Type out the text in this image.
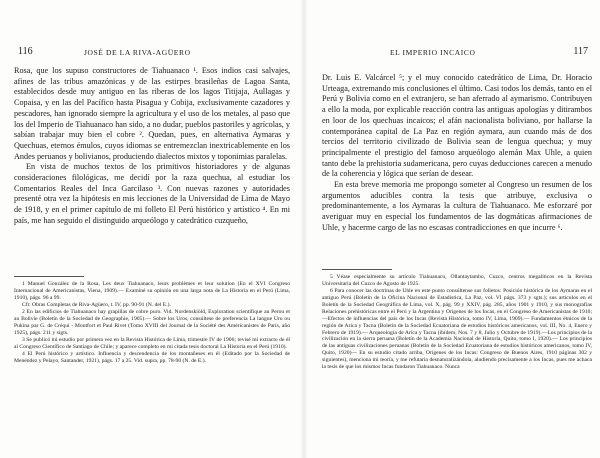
116	JOSÉ DE LA RIVA-AGÜERO

Rosa, que los supuso constructores de Tiahuanaco ¹. Esos indios casi salvajes, afines de las tribus amazónicas y de las estirpes brasileñas de Lagoa Santa, establecidos desde muy antiguo en las riberas de los lagos Titijaja, Aullagas y Copaisa, y en las del Pacífico hasta Pisagua y Cobija, exclusivamente cazadores y pescadores, han ignorado siempre la agricultura y el uso de los metales, al paso que los del Imperio de Tiahuanaco han sido, a no dudar, pueblos pastoriles y agrícolas, y sabían trabajar muy bien el cobre ². Quedan, pues, en alternativa Aymaras y Quechuas, eternos émulos, cuyos idiomas se entremezclan inextricablemente en los Andes peruanos y bolivianos, produciendo dialectos mixtos y toponimias paralelas.

En vista de muchos textos de los primitivos historiadores y de algunas consideraciones filológicas, me decidí por la raza quechua, al estudiar los Comentarios Reales del Inca Garcilaso ³. Con nuevas razones y autoridades presenté otra vez la hipótesis en mis lecciones de la Universidad de Lima de Mayo de 1918, y en el primer capítulo de mi folleto El Perú histórico y artístico ⁴. En mi país, me han seguido el distinguido arqueólogo y catedrático cuzqueño,

1 Manuel González de la Rosa, Les deux Tiahuanaco, leurs problèmes et leur solution (En el XVI Congreso Internacional de Americanistas, Viena, 1909).— Examiné su opinión en una larga nota de La Historia en el Perú (Lima, 1910), págs. 96 a 99.

Cfr. Obras Completas de Riva-Agüero, t. IV, pp. 90-91 (N. del E.).

2 En las edificios de Tiahuanaco hay grapillas de cobre puro. Vid. Nordenskiöld, Exploration scientifique au Perou et au Bolivie (Boletín de la Sociedad de Geographie, 1905).— Sobre los Uros, consúltese de preferencia La langue Uru ou Pukina par G. de Créqui - Montfort et Paul Rivet (Tomo XVIII del Journal de la Société des Américanistes de Paris, año 1925), págs. 211 y sigts.

3 Se publicó mi estudio por primera vez en la Revista Histórica de Lima, trimestre IV de 1906; revisé mi extracto de él al Congreso Científico de Santiago de Chile; y aparece completo en mi citada tesis doctoral La Historia en el Perú (1910).

4 El Perú histórico y artístico. Influencia y descendencia de los montañeses en él (Editado por la Sociedad de Menéndez y Pelayo, Santander, 1921), págs. 17 a 25. Vid. supra, pp. 78-90 (N. de E.).

EL IMPERIO INCAICO	117

Dr. Luis E. Valcárcel ⁵; y el muy conocido catedrático de Lima, Dr. Horacio Urteaga, extremando mis conclusiones el último. Casi todos los demás, tanto en el Perú y Bolivia como en el extranjero, se han aferrado al aymarismo. Contribuyen a ello la moda, por explicable reacción contra las antiguas apologías y ditirambos en loor de los quechuas incaicos; el afán nacionalista boliviano, por hallarse la contemporánea capital de La Paz en región aymara, aun cuando más de dos tercios del territorio civilizado de Bolivia sean de lengua quechua; y muy principalmente el prestigio del famoso arqueólogo alemán Max Uhle, a quien tanto debe la prehistoria sudamericana, pero cuyas deducciones carecen a menudo de la coherencia y lógica que serían de desear.

En esta breve memoria me propongo someter al Congreso un resumen de los argumentos aducibles contra la tesis que atribuye, exclusiva o predominantemente, a los Aymaras la cultura de Tiahuanaco. Me esforzaré por averiguar muy en especial los fundamentos de las dogmáticas afirmaciones de Uhle, y hacerme cargo de las no escasas contradicciones en que incurre ⁶.

5 Véase especialmente su artículo Tiahuanacu, Ollantaytambo, Cuzco, centros megalíticos en la Revista Universitaria del Cuzco de Agosto de 1925.

6 Para conocer las doctrinas de Uhle en este punto consúltense sus folletos: Posición histórica de los Aymaras en el antiguo Perú (Boletín de la Oficina Nacional de Estadística, La Paz, vol. VI págs. 373 y sgts.); sus artículos en el Boletín de la Sociedad Geográfica de Lima, vol. X, pág. 99 y XXIV, pág. 285, años 1901 y 1910, y sus monografías Relaciones prehistóricas entre el Perú y la Argentina y Orígenes de los Incas, en el Congreso de Americanistas de 1910; —Efectos de influencias del país de los Incas (Revista Histórica, tomo IV, Lima, 1909).— Fundamentos étnicos de la región de Arica y Tacna (Boletín de la Sociedad Ecuatoriana de estudios históricos americanos, vol. III, No. 4, Enero y Febrero de 1919).— Arqueología de Arica y Tacna (ibídem, Nos. 7 y 8, Julio y Octubre de 1919).—Los principios de la civilización en la sierra peruana (Boletín de la Academia Nacional de Historia, Quito, tomo I, 1920).— Los principios de las antiguas civilizaciones peruanas (Boletín de la Sociedad Ecuatoriana de estudios históricos americanos, tomo IV, Quito, 1920)— En su estudio citado arriba, Orígenes de los Incas: Congreso de Buenos Aires, 1910 páginas 302 y siguientes), menciona mi teoría, y me refutaría desnaturalizándola, aludiendo precisamente a los Incas, pues me achaca la tesis de que los mismos Incas fundaron Tiahuanaco. Nunca
